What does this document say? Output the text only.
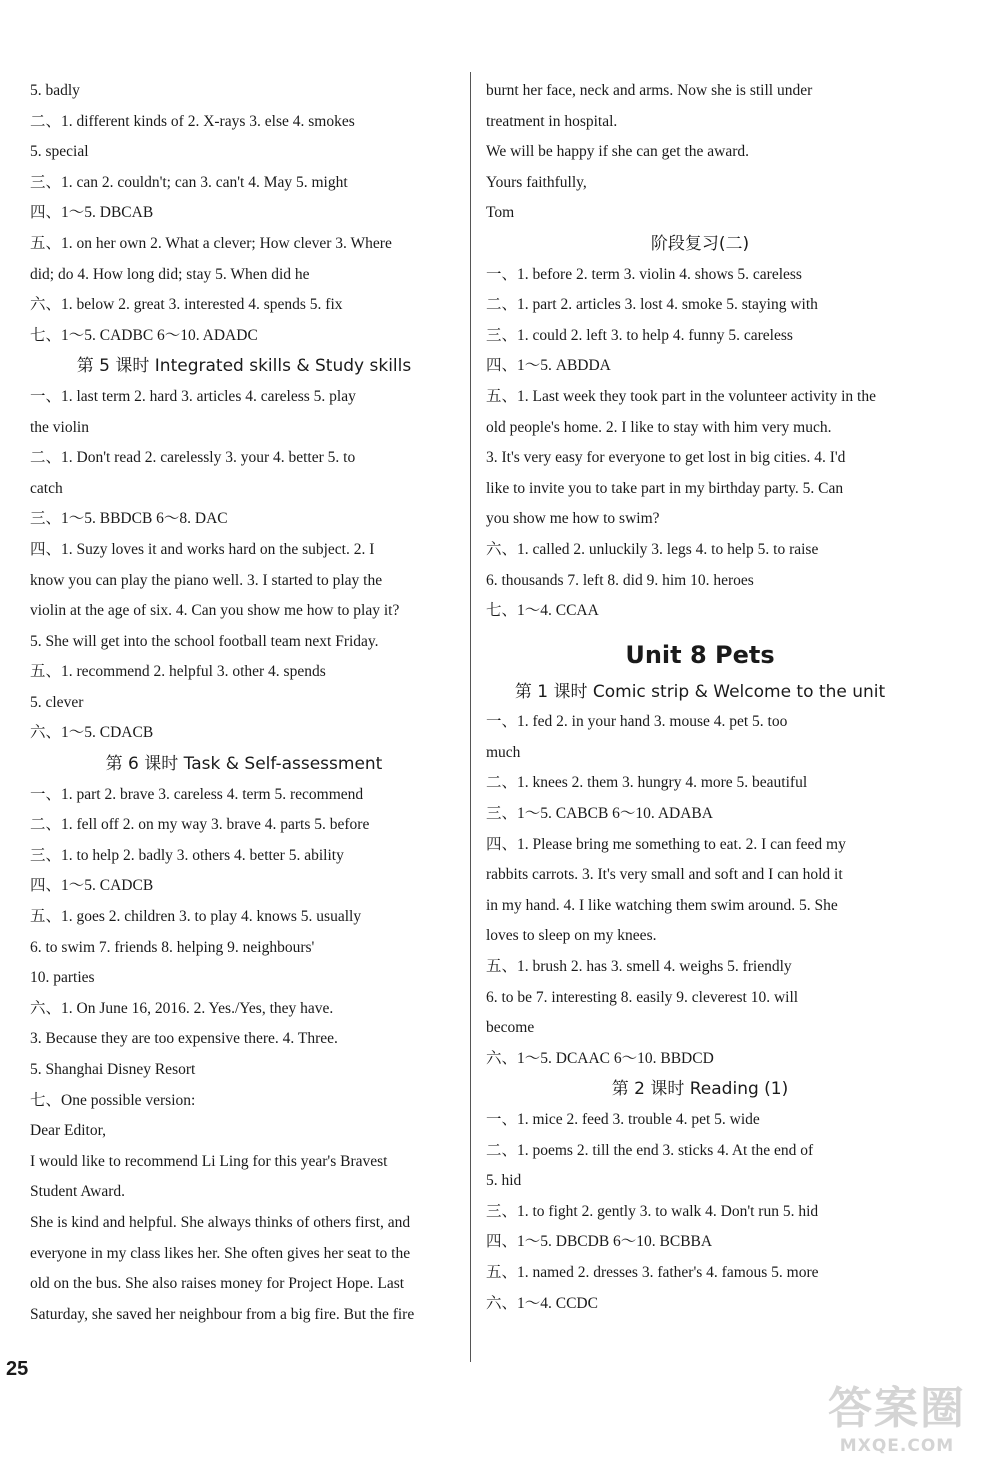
5. badly
二、1. different kinds of 2. X-rays 3. else 4. smokes
5. special
三、1. can 2. couldn't; can 3. can't 4. May 5. might
四、1～5. DBCAB
五、1. on her own 2. What a clever; How clever 3. Where
did; do 4. How long did; stay 5. When did he
六、1. below 2. great 3. interested 4. spends 5. fix
七、1～5. CADBC 6～10. ADADC
第 5 课时 Integrated skills & Study skills
一、1. last term 2. hard 3. articles 4. careless 5. play
the violin
二、1. Don't read 2. carelessly 3. your 4. better 5. to
catch
三、1～5. BBDCB 6～8. DAC
四、1. Suzy loves it and works hard on the subject. 2. I
know you can play the piano well. 3. I started to play the
violin at the age of six. 4. Can you show me how to play it?
5. She will get into the school football team next Friday.
五、1. recommend 2. helpful 3. other 4. spends
5. clever
六、1～5. CDACB
第 6 课时 Task & Self-assessment
一、1. part 2. brave 3. careless 4. term 5. recommend
二、1. fell off 2. on my way 3. brave 4. parts 5. before
三、1. to help 2. badly 3. others 4. better 5. ability
四、1～5. CADCB
五、1. goes 2. children 3. to play 4. knows 5. usually
6. to swim 7. friends 8. helping 9. neighbours'
10. parties
六、1. On June 16, 2016. 2. Yes./Yes, they have.
3. Because they are too expensive there. 4. Three.
5. Shanghai Disney Resort
七、One possible version:
Dear Editor,
I would like to recommend Li Ling for this year's Bravest
Student Award.
She is kind and helpful. She always thinks of others first, and
everyone in my class likes her. She often gives her seat to the
old on the bus. She also raises money for Project Hope. Last
Saturday, she saved her neighbour from a big fire. But the fire
burnt her face, neck and arms. Now she is still under
treatment in hospital.
We will be happy if she can get the award.
Yours faithfully,
Tom
阶段复习(二)
一、1. before 2. term 3. violin 4. shows 5. careless
二、1. part 2. articles 3. lost 4. smoke 5. staying with
三、1. could 2. left 3. to help 4. funny 5. careless
四、1～5. ABDDA
五、1. Last week they took part in the volunteer activity in the
old people's home. 2. I like to stay with him very much.
3. It's very easy for everyone to get lost in big cities. 4. I'd
like to invite you to take part in my birthday party. 5. Can
you show me how to swim?
六、1. called 2. unluckily 3. legs 4. to help 5. to raise
6. thousands 7. left 8. did 9. him 10. heroes
七、1～4. CCAA
Unit 8 Pets
第 1 课时 Comic strip & Welcome to the unit
一、1. fed 2. in your hand 3. mouse 4. pet 5. too
much
二、1. knees 2. them 3. hungry 4. more 5. beautiful
三、1～5. CABCB 6～10. ADABA
四、1. Please bring me something to eat. 2. I can feed my
rabbits carrots. 3. It's very small and soft and I can hold it
in my hand. 4. I like watching them swim around. 5. She
loves to sleep on my knees.
五、1. brush 2. has 3. smell 4. weighs 5. friendly
6. to be 7. interesting 8. easily 9. cleverest 10. will
become
六、1～5. DCAAC 6～10. BBDCD
第 2 课时 Reading (1)
一、1. mice 2. feed 3. trouble 4. pet 5. wide
二、1. poems 2. till the end 3. sticks 4. At the end of
5. hid
三、1. to fight 2. gently 3. to walk 4. Don't run 5. hid
四、1～5. DBCDB 6～10. BCBBA
五、1. named 2. dresses 3. father's 4. famous 5. more
六、1～4. CCDC
25
答案圈
MXQE.COM
